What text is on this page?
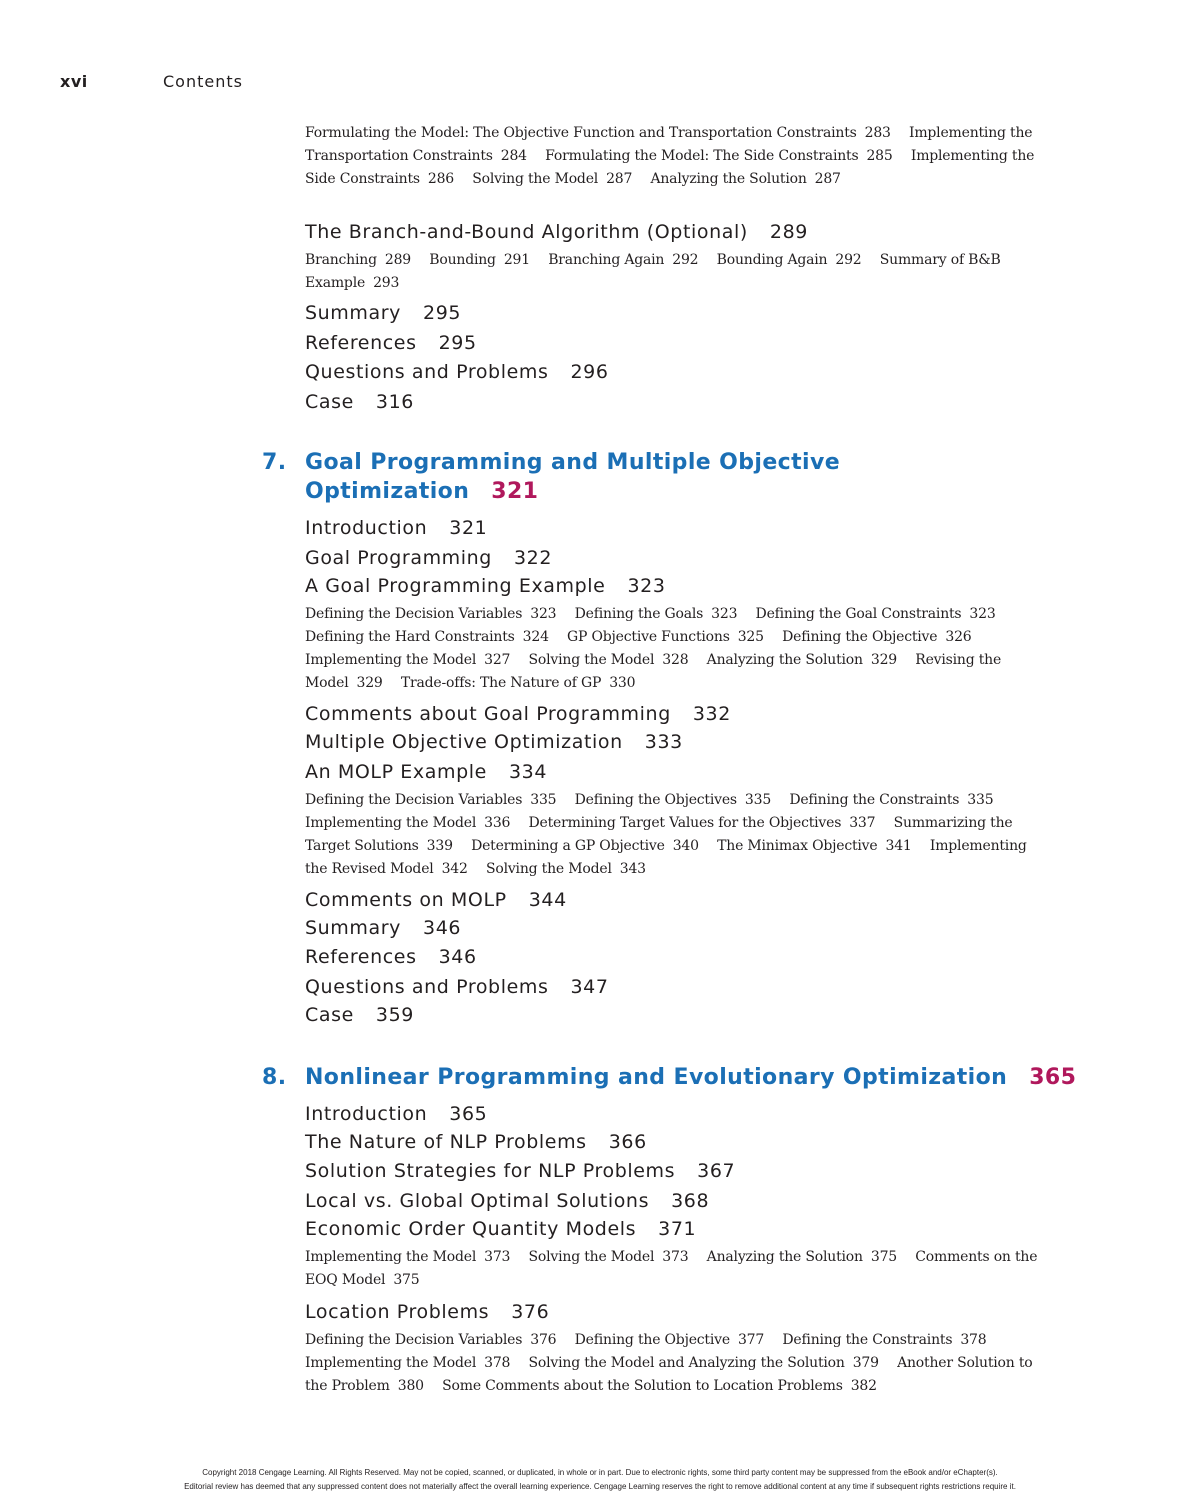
xvi	Contents
Formulating the Model: The Objective Function and Transportation Constraints 283 Implementing the Transportation Constraints 284 Formulating the Model: The Side Constraints 285 Implementing the Side Constraints 286 Solving the Model 287 Analyzing the Solution 287
The Branch-and-Bound Algorithm (Optional) 289
Branching 289 Bounding 291 Branching Again 292 Bounding Again 292 Summary of B&B Example 293
Summary 295
References 295
Questions and Problems 296
Case 316
7. Goal Programming and Multiple Objective
Optimization 321
Introduction 321
Goal Programming 322
A Goal Programming Example 323
Defining the Decision Variables 323 Defining the Goals 323 Defining the Goal Constraints 323 Defining the Hard Constraints 324 GP Objective Functions 325 Defining the Objective 326 Implementing the Model 327 Solving the Model 328 Analyzing the Solution 329 Revising the Model 329 Trade-offs: The Nature of GP 330
Comments about Goal Programming 332
Multiple Objective Optimization 333
An MOLP Example 334
Defining the Decision Variables 335 Defining the Objectives 335 Defining the Constraints 335 Implementing the Model 336 Determining Target Values for the Objectives 337 Summarizing the Target Solutions 339 Determining a GP Objective 340 The Minimax Objective 341 Implementing the Revised Model 342 Solving the Model 343
Comments on MOLP 344
Summary 346
References 346
Questions and Problems 347
Case 359
8. Nonlinear Programming and Evolutionary Optimization 365
Introduction 365
The Nature of NLP Problems 366
Solution Strategies for NLP Problems 367
Local vs. Global Optimal Solutions 368
Economic Order Quantity Models 371
Implementing the Model 373 Solving the Model 373 Analyzing the Solution 375 Comments on the EOQ Model 375
Location Problems 376
Defining the Decision Variables 376 Defining the Objective 377 Defining the Constraints 378 Implementing the Model 378 Solving the Model and Analyzing the Solution 379 Another Solution to the Problem 380 Some Comments about the Solution to Location Problems 382
Copyright 2018 Cengage Learning. All Rights Reserved. May not be copied, scanned, or duplicated, in whole or in part. Due to electronic rights, some third party content may be suppressed from the eBook and/or eChapter(s).
Editorial review has deemed that any suppressed content does not materially affect the overall learning experience. Cengage Learning reserves the right to remove additional content at any time if subsequent rights restrictions require it.
